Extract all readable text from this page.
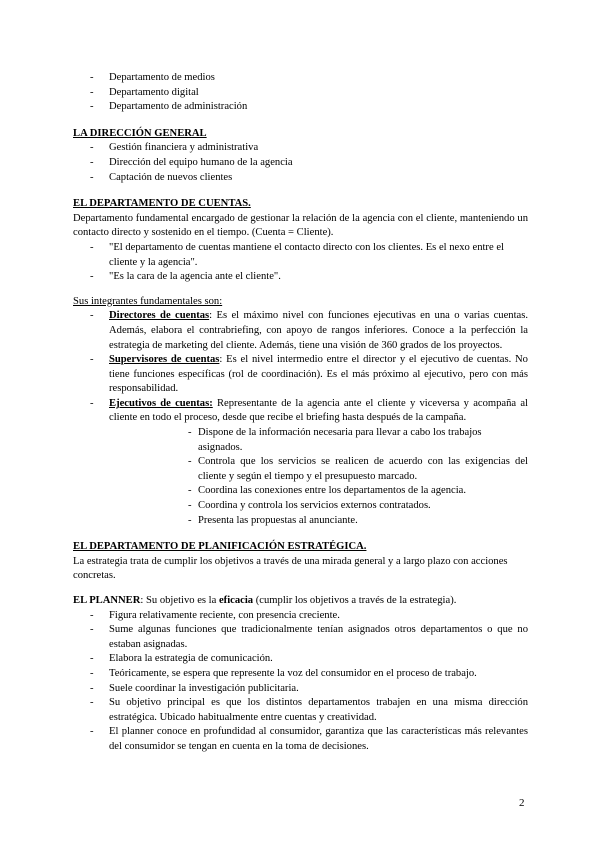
- Departamento de medios
- Departamento digital
- Departamento de administración

LA DIRECCIÓN GENERAL

- Gestión financiera y administrativa
- Dirección del equipo humano de la agencia
- Captación de nuevos clientes

EL DEPARTAMENTO DE CUENTAS.

Departamento fundamental encargado de gestionar la relación de la agencia con el cliente, manteniendo un contacto directo y sostenido en el tiempo. (Cuenta = Cliente).

- "El departamento de cuentas mantiene el contacto directo con los clientes. Es el nexo entre el cliente y la agencia".
- "Es la cara de la agencia ante el cliente".

Sus integrantes fundamentales son:

- Directores de cuentas: Es el máximo nivel con funciones ejecutivas en una o varias cuentas. Además, elabora el contrabriefing, con apoyo de rangos inferiores. Conoce a la perfección la estrategia de marketing del cliente. Además, tiene una visión de 360 grados de los proyectos.
- Supervisores de cuentas: Es el nivel intermedio entre el director y el ejecutivo de cuentas. No tiene funciones específicas (rol de coordinación). Es el más próximo al ejecutivo, pero con más responsabilidad.
- Ejecutivos de cuentas: Representante de la agencia ante el cliente y viceversa y acompaña al cliente en todo el proceso, desde que recibe el briefing hasta después de la campaña.
- Dispone de la información necesaria para llevar a cabo los trabajos asignados.
- Controla que los servicios se realicen de acuerdo con las exigencias del cliente y según el tiempo y el presupuesto marcado.
- Coordina las conexiones entre los departamentos de la agencia.
- Coordina y controla los servicios externos contratados.
- Presenta las propuestas al anunciante.

EL DEPARTAMENTO DE PLANIFICACIÓN ESTRATÉGICA.

La estrategia trata de cumplir los objetivos a través de una mirada general y a largo plazo con acciones concretas.

EL PLANNER: Su objetivo es la eficacia (cumplir los objetivos a través de la estrategia).

- Figura relativamente reciente, con presencia creciente.
- Sume algunas funciones que tradicionalmente tenían asignados otros departamentos o que no estaban asignadas.
- Elabora la estrategia de comunicación.
- Teóricamente, se espera que represente la voz del consumidor en el proceso de trabajo.
- Suele coordinar la investigación publicitaria.
- Su objetivo principal es que los distintos departamentos trabajen en una misma dirección estratégica. Ubicado habitualmente entre cuentas y creatividad.
- El planner conoce en profundidad al consumidor, garantiza que las características más relevantes del consumidor se tengan en cuenta en la toma de decisiones.
2
